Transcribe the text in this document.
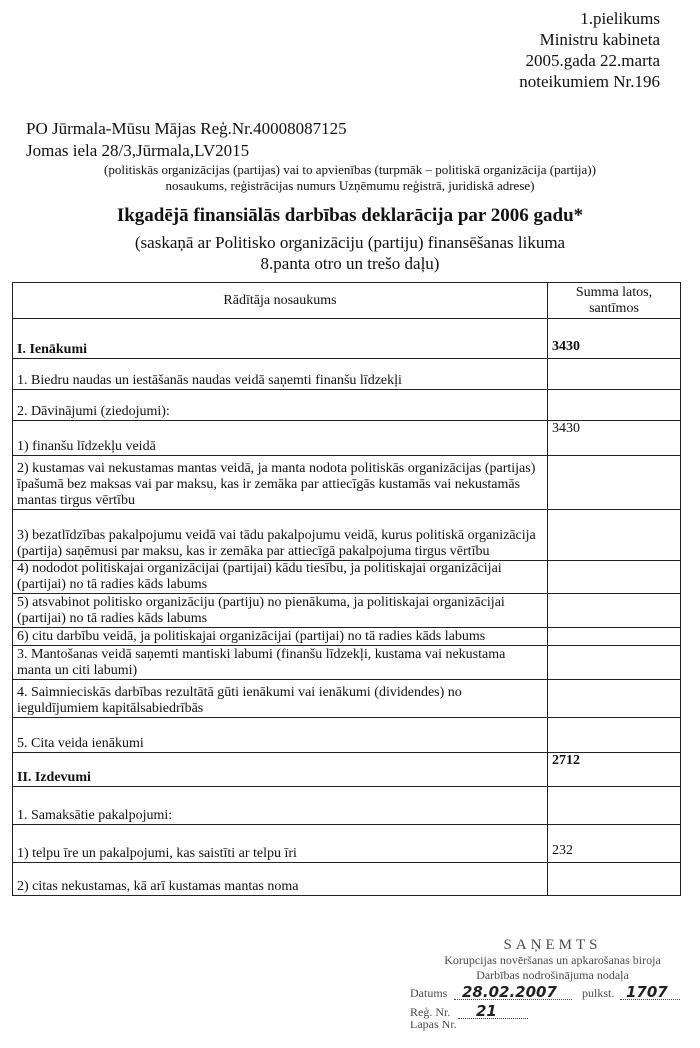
1.pielikums
Ministru kabineta
2005.gada 22.marta
noteikumiem Nr.196
PO Jūrmala-Mūsu Mājas Reģ.Nr.40008087125
Jomas iela 28/3,Jūrmala,LV2015
(politiskās organizācijas (partijas) vai to apvienības (turpmāk – politiskā organizācija (partija))
nosaukums, reģistrācijas numurs Uzņēmumu reģistrā, juridiskā adrese)
Ikgadējā finansiālās darbības deklarācija par 2006 gadu*
(saskaņā ar Politisko organizāciju (partiju) finansēšanas likuma
8.panta otro un trešo daļu)
Rādītāja nosaukums	Summa latos, santīmos
I. Ienākumi	3430
1. Biedru naudas un iestāšanās naudas veidā saņemti finanšu līdzekļi	
2. Dāvinājumi (ziedojumi):	
1) finanšu līdzekļu veidā	3430
2) kustamas vai nekustamas mantas veidā, ja manta nodota politiskās organizācijas (partijas) īpašumā bez maksas vai par maksu, kas ir zemāka par attiecīgās kustamās vai nekustamās mantas tirgus vērtību	
3) bezatlīdzības pakalpojumu veidā vai tādu pakalpojumu veidā, kurus politiskā organizācija (partija) saņēmusi par maksu, kas ir zemāka par attiecīgā pakalpojuma tirgus vērtību	
4) nododot politiskajai organizācijai (partijai) kādu tiesību, ja politiskajai organizācijai (partijai) no tā radies kāds labums	
5) atsvabinot politisko organizāciju (partiju) no pienākuma, ja politiskajai organizācijai (partijai) no tā radies kāds labums	
6) citu darbību veidā, ja politiskajai organizācijai (partijai) no tā radies kāds labums	
3. Mantošanas veidā saņemti mantiski labumi (finanšu līdzekļi, kustama vai nekustama manta un citi labumi)	
4. Saimnieciskās darbības rezultātā gūti ienākumi vai ienākumi (dividendes) no ieguldījumiem kapitālsabiedrībās	
5. Cita veida ienākumi	
II. Izdevumi	2712
1. Samaksātie pakalpojumi:	
1) telpu īre un pakalpojumi, kas saistīti ar telpu īri	232
2) citas nekustamas, kā arī kustamas mantas noma	
SAŅEMTS
Korupcijas novēršanas un apkarošanas biroja
Darbības nodrošinājuma nodaļa
Datums 28.02.2007 pulkst. 1707
Reģ. Nr. 21
Lapas Nr.
